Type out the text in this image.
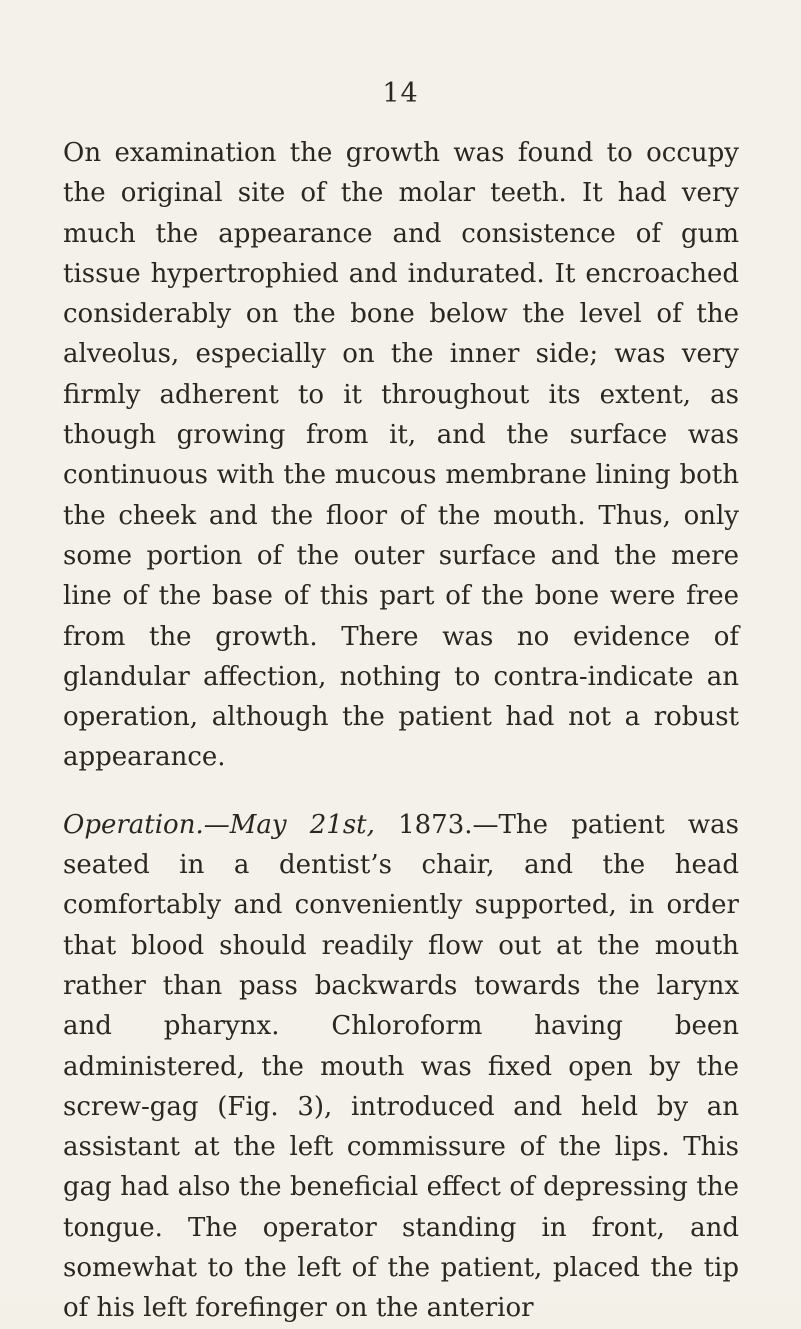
14

On examination the growth was found to occupy the original site of the molar teeth. It had very much the appearance and consistence of gum tissue hypertrophied and indurated. It encroached considerably on the bone below the level of the alveolus, especially on the inner side; was very firmly adherent to it throughout its extent, as though growing from it, and the surface was continuous with the mucous membrane lining both the cheek and the floor of the mouth. Thus, only some portion of the outer surface and the mere line of the base of this part of the bone were free from the growth. There was no evidence of glandular affection, nothing to contra-indicate an operation, although the patient had not a robust appearance.

Operation.—May 21st, 1873.—The patient was seated in a dentist’s chair, and the head comfortably and conveniently supported, in order that blood should readily flow out at the mouth rather than pass backwards towards the larynx and pharynx. Chloroform having been administered, the mouth was fixed open by the screw-gag (Fig. 3), introduced and held by an assistant at the left commissure of the lips. This gag had also the beneficial effect of depressing the tongue. The operator standing in front, and somewhat to the left of the patient, placed the tip of his left forefinger on the anterior
